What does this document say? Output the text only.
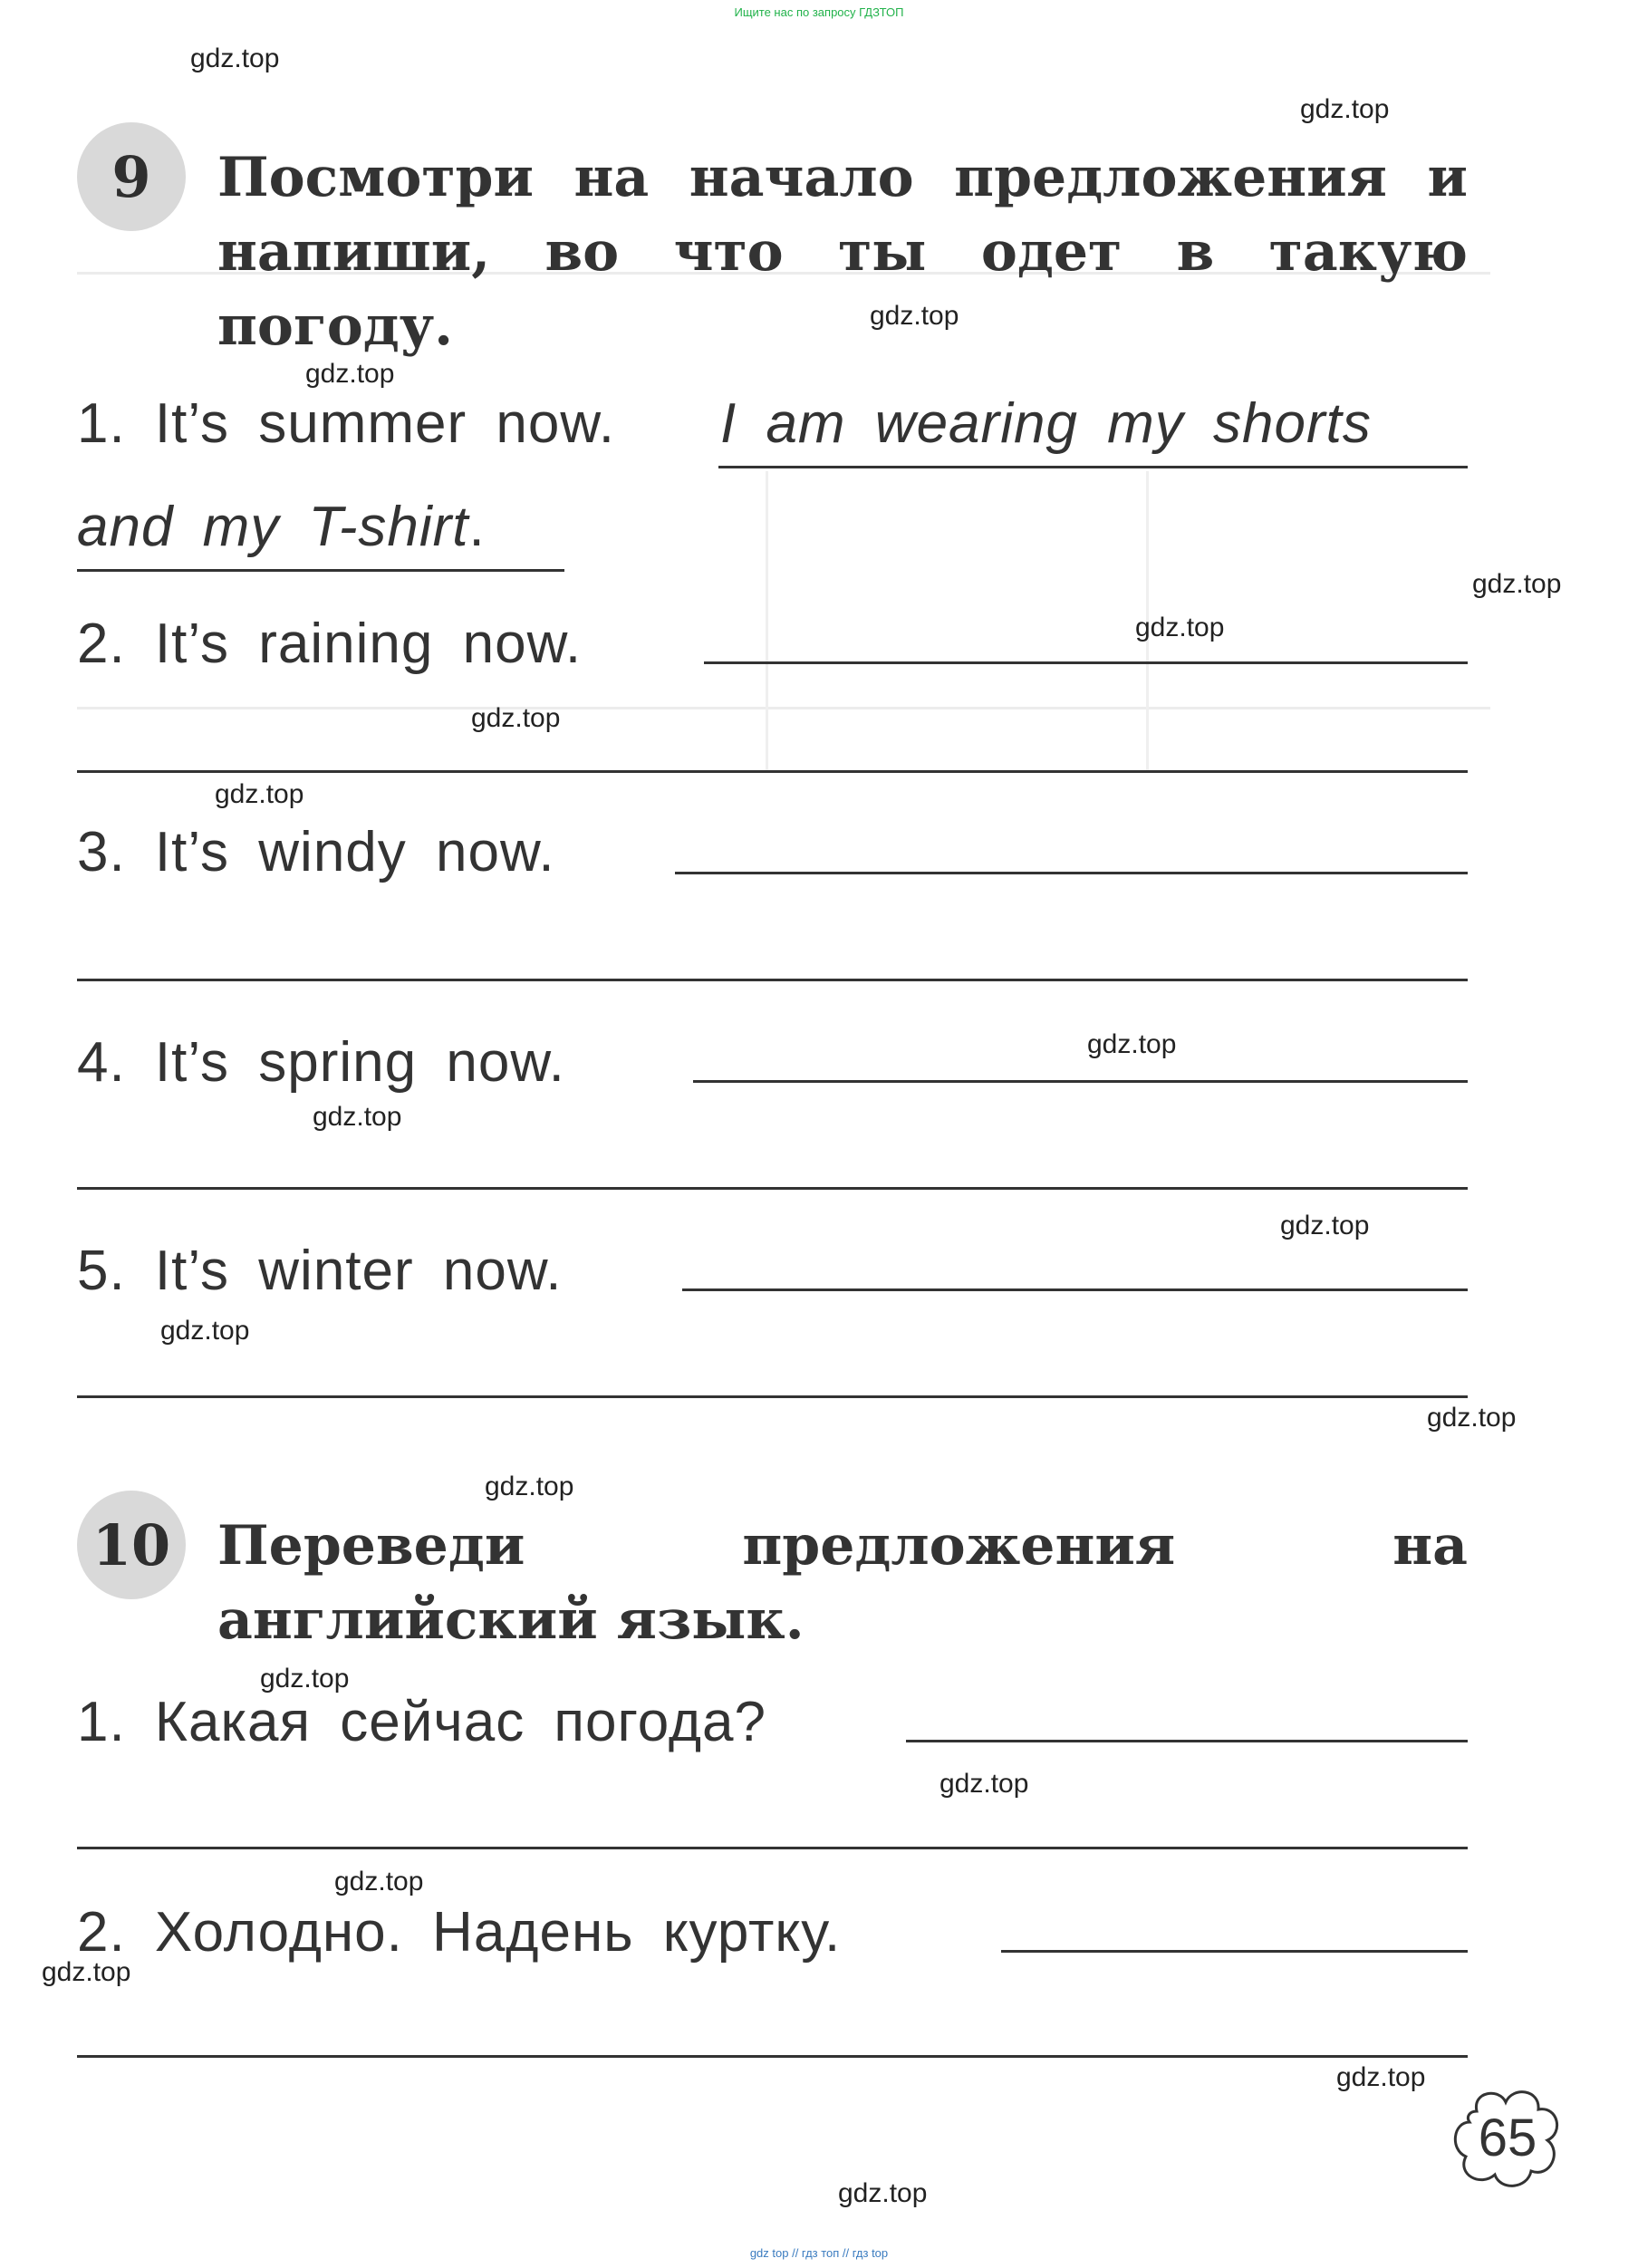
Ищите нас по запросу ГДЗТОП
gdz top // гдз топ // гдз top
9 Посмотри на начало предложения и напиши, во что ты одет в такую погоду.
1. It’s summer now. I am wearing my shorts
and my T-shirt.
2. It’s raining now.
3. It’s windy now.
4. It’s spring now.
5. It’s winter now.
10 Переведи предложения на английский язык.
1. Какая сейчас погода?
2. Холодно. Надень куртку.
65
gdz.top
gdz.top
gdz.top
gdz.top
gdz.top
gdz.top
gdz.top
gdz.top
gdz.top
gdz.top
gdz.top
gdz.top
gdz.top
gdz.top
gdz.top
gdz.top
gdz.top
gdz.top
gdz.top
gdz.top
